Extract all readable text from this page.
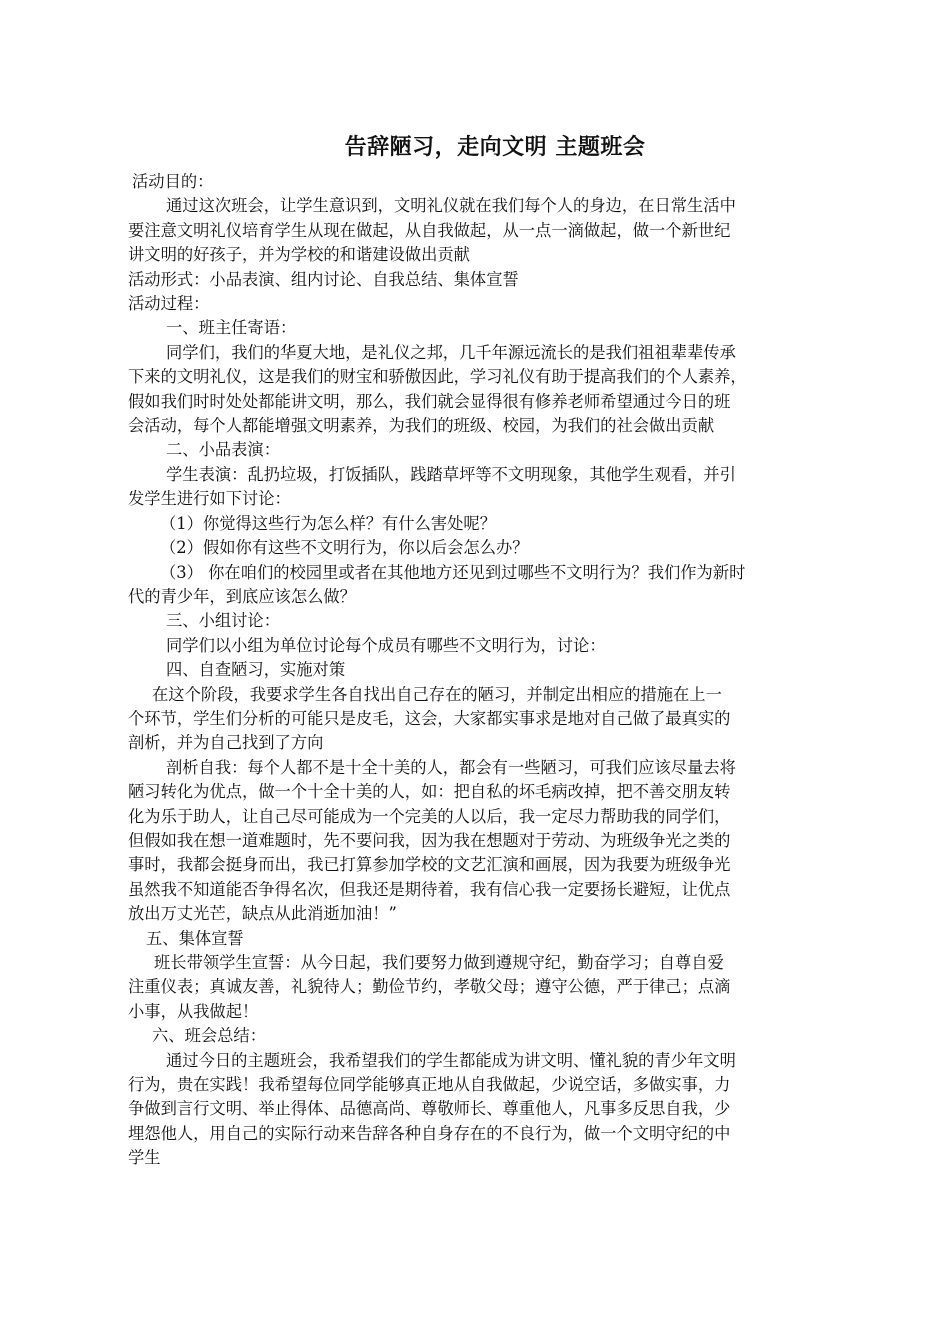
告辞陋习，走向文明 主题班会
活动目的：
通过这次班会，让学生意识到，文明礼仪就在我们每个人的身边，在日常生活中
要注意文明礼仪培育学生从现在做起，从自我做起，从一点一滴做起，做一个新世纪
讲文明的好孩子，并为学校的和谐建设做出贡献
活动形式：小品表演、组内讨论、自我总结、集体宣誓
活动过程：
一、班主任寄语：
同学们，我们的华夏大地，是礼仪之邦，几千年源远流长的是我们祖祖辈辈传承
下来的文明礼仪，这是我们的财宝和骄傲因此，学习礼仪有助于提高我们的个人素养，
假如我们时时处处都能讲文明，那么，我们就会显得很有修养老师希望通过今日的班
会活动，每个人都能增强文明素养，为我们的班级、校园，为我们的社会做出贡献
二、小品表演：
学生表演：乱扔垃圾，打饭插队，践踏草坪等不文明现象，其他学生观看，并引
发学生进行如下讨论：
（1）你觉得这些行为怎么样？有什么害处呢？
（2）假如你有这些不文明行为，你以后会怎么办？
（3） 你在咱们的校园里或者在其他地方还见到过哪些不文明行为？我们作为新时
代的青少年，到底应该怎么做？
三、小组讨论：
同学们以小组为单位讨论每个成员有哪些不文明行为，讨论：
四、自查陋习，实施对策
在这个阶段，我要求学生各自找出自己存在的陋习，并制定出相应的措施在上一
个环节，学生们分析的可能只是皮毛，这会，大家都实事求是地对自己做了最真实的
剖析，并为自己找到了方向
剖析自我：每个人都不是十全十美的人，都会有一些陋习，可我们应该尽量去将
陋习转化为优点，做一个十全十美的人，如：把自私的坏毛病改掉，把不善交朋友转
化为乐于助人，让自己尽可能成为一个完美的人以后，我一定尽力帮助我的同学们，
但假如我在想一道难题时，先不要问我，因为我在想题对于劳动、为班级争光之类的
事时，我都会挺身而出，我已打算参加学校的文艺汇演和画展，因为我要为班级争光
虽然我不知道能否争得名次，但我还是期待着，我有信心我一定要扬长避短，让优点
放出万丈光芒，缺点从此消逝加油！”
五、集体宣誓
班长带领学生宣誓：从今日起，我们要努力做到遵规守纪，勤奋学习；自尊自爱
注重仪表；真诚友善，礼貌待人；勤俭节约，孝敬父母；遵守公德，严于律己；点滴
小事，从我做起！
六、班会总结：
通过今日的主题班会，我希望我们的学生都能成为讲文明、懂礼貌的青少年文明
行为，贵在实践！我希望每位同学能够真正地从自我做起，少说空话，多做实事，力
争做到言行文明、举止得体、品德高尚、尊敬师长、尊重他人，凡事多反思自我，少
埋怨他人，用自己的实际行动来告辞各种自身存在的不良行为，做一个文明守纪的中
学生
